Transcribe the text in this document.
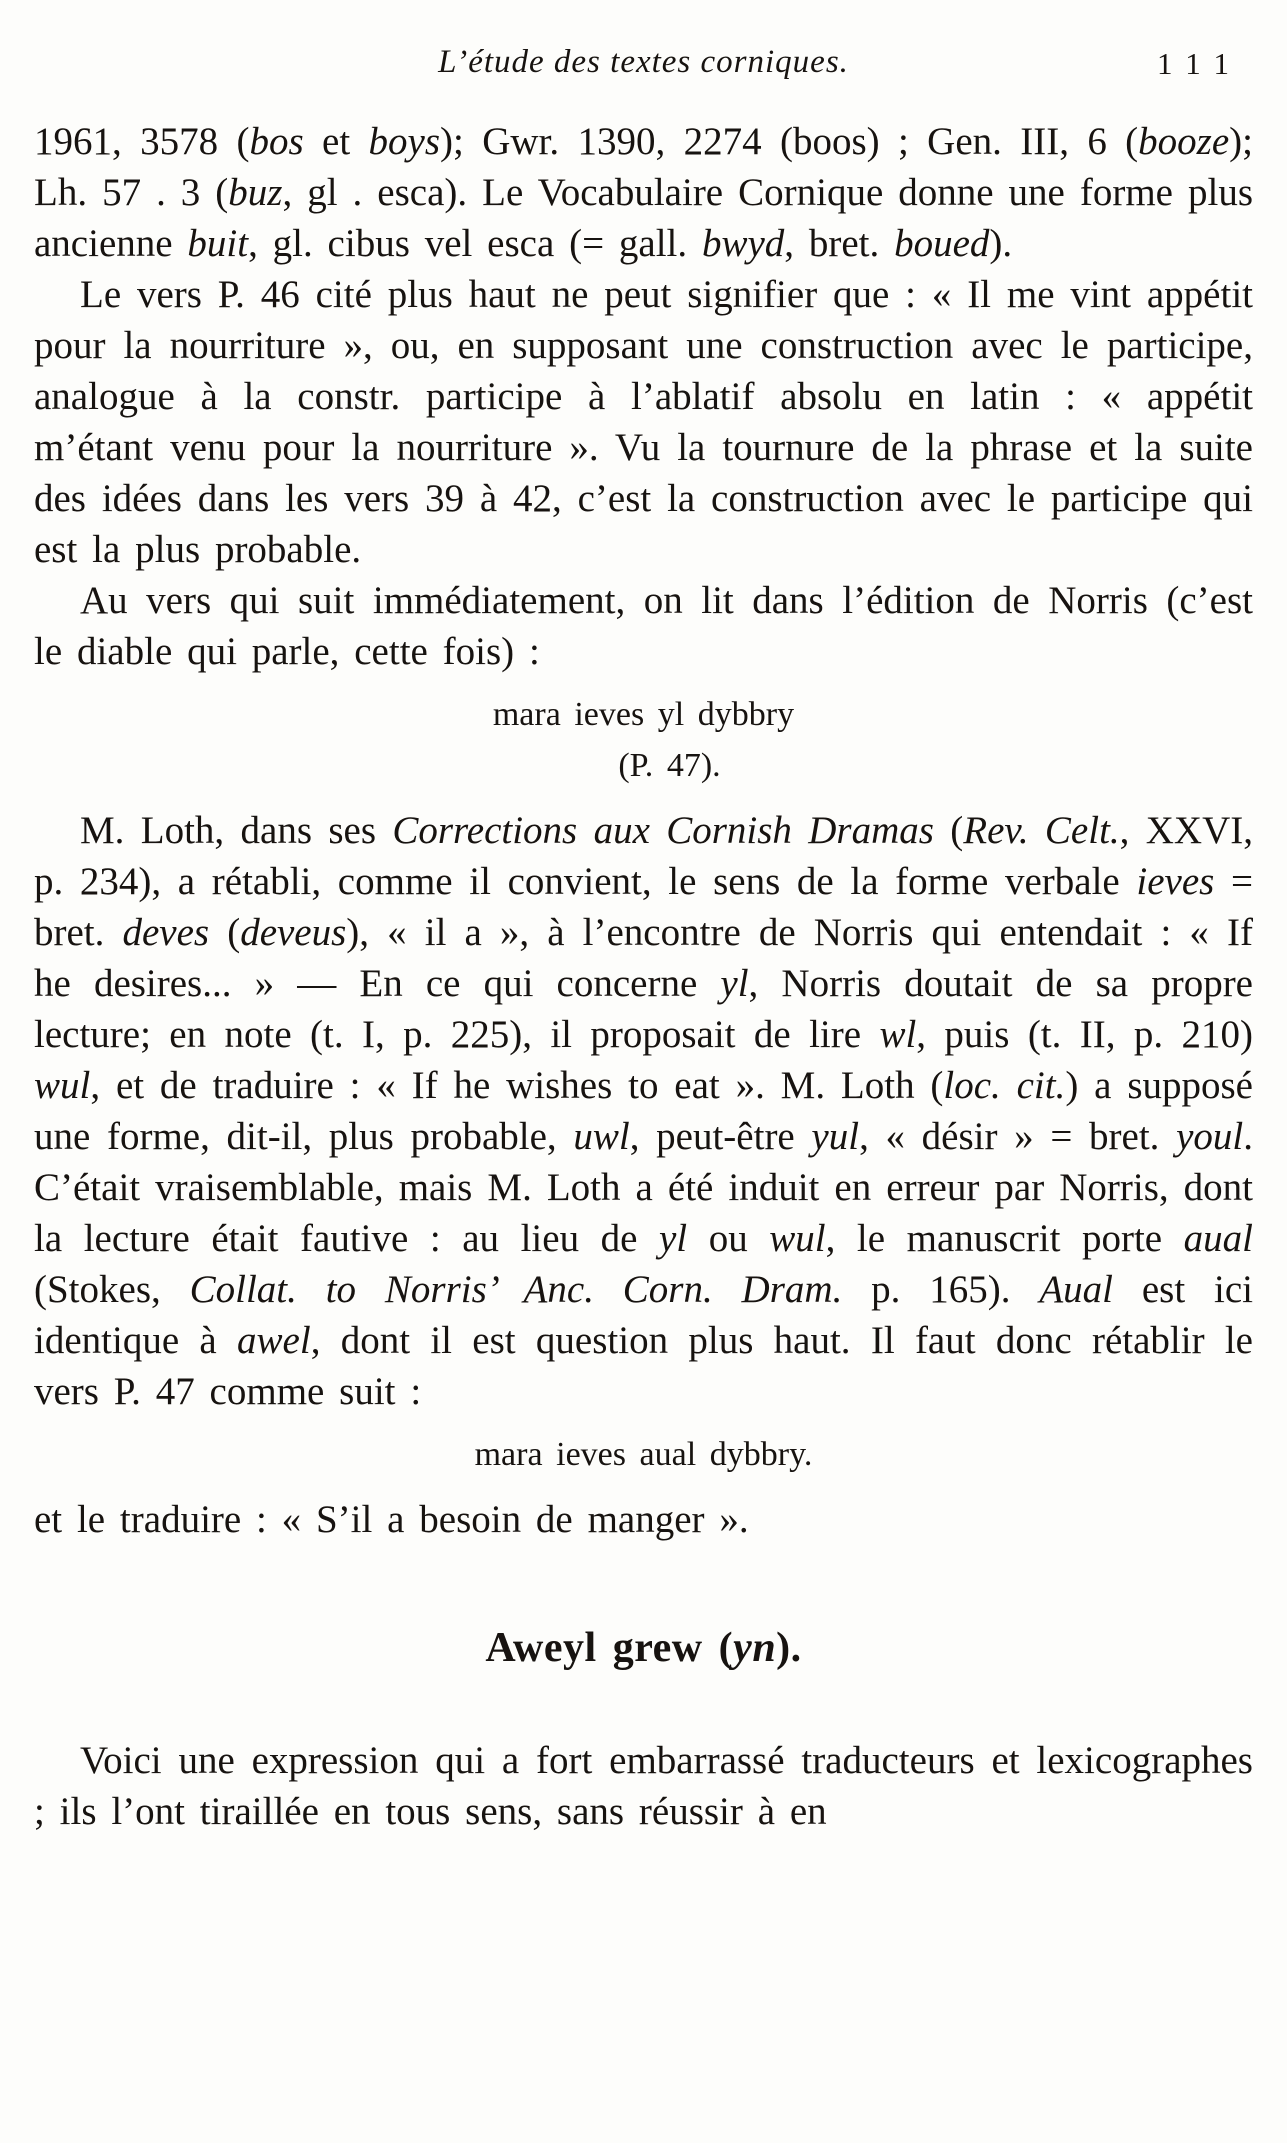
L’étude des textes corniques.	111

1961, 3578 (bos et boys); Gwr. 1390, 2274 (boos) ; Gen. III, 6 (booze); Lh. 57 . 3 (buz, gl . esca). Le Vocabulaire Cornique donne une forme plus ancienne buit, gl. cibus vel esca (= gall. bwyd, bret. boued).

Le vers P. 46 cité plus haut ne peut signifier que : « Il me vint appétit pour la nourriture », ou, en supposant une construction avec le participe, analogue à la constr. participe à l’ablatif absolu en latin : « appétit m’étant venu pour la nourriture ». Vu la tournure de la phrase et la suite des idées dans les vers 39 à 42, c’est la construction avec le participe qui est la plus probable.

Au vers qui suit immédiatement, on lit dans l’édition de Norris (c’est le diable qui parle, cette fois) :

mara ieves yl dybbry
(P. 47).

M. Loth, dans ses Corrections aux Cornish Dramas (Rev. Celt., XXVI, p. 234), a rétabli, comme il convient, le sens de la forme verbale ieves = bret. deves (deveus), « il a », à l’encontre de Norris qui entendait : « If he desires... » — En ce qui concerne yl, Norris doutait de sa propre lecture; en note (t. I, p. 225), il proposait de lire wl, puis (t. II, p. 210) wul, et de traduire : « If he wishes to eat ». M. Loth (loc. cit.) a supposé une forme, dit-il, plus probable, uwl, peut-être yul, « désir » = bret. youl. C’était vraisemblable, mais M. Loth a été induit en erreur par Norris, dont la lecture était fautive : au lieu de yl ou wul, le manuscrit porte aual (Stokes, Collat. to Norris’ Anc. Corn. Dram. p. 165). Aual est ici identique à awel, dont il est question plus haut. Il faut donc rétablir le vers P. 47 comme suit :

mara ieves aual dybbry.

et le traduire : « S’il a besoin de manger ».

Aweyl grew (yn).

Voici une expression qui a fort embarrassé traducteurs et lexicographes ; ils l’ont tiraillée en tous sens, sans réussir à en
